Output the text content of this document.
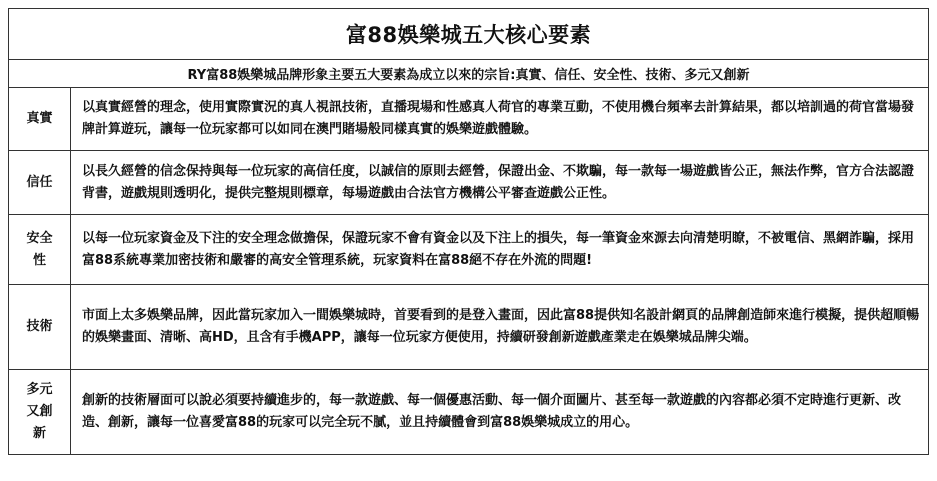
富88娛樂城五大核心要素	
RY富88娛樂城品牌形象主要五大要素為成立以來的宗旨:真實、信任、安全性、技術、多元又創新	
真實	以真實經營的理念，使用實際實況的真人視訊技術，直播現場和性感真人荷官的專業互動，不使用機台頻率去計算結果，都以培訓過的荷官當場發牌計算遊玩，讓每一位玩家都可以如同在澳門賭場般同樣真實的娛樂遊戲體驗。
信任	以長久經營的信念保持與每一位玩家的高信任度，以誠信的原則去經營，保證出金、不欺騙，每一款每一場遊戲皆公正，無法作弊，官方合法認證背書，遊戲規則透明化，提供完整規則標章，每場遊戲由合法官方機構公平審查遊戲公正性。
安全性	以每一位玩家資金及下注的安全理念做擔保，保證玩家不會有資金以及下注上的損失，每一筆資金來源去向清楚明瞭，不被電信、黑網詐騙，採用富88系統專業加密技術和嚴審的高安全管理系統，玩家資料在富88絕不存在外流的問題!
技術	市面上太多娛樂品牌，因此當玩家加入一間娛樂城時，首要看到的是登入畫面，因此富88提供知名設計網頁的品牌創造師來進行模擬，提供超順暢的娛樂畫面、清晰、高HD，且含有手機APP，讓每一位玩家方便使用，持續研發創新遊戲產業走在娛樂城品牌尖端。
多元又創新	創新的技術層面可以說必須要持續進步的，每一款遊戲、每一個優惠活動、每一個介面圖片、甚至每一款遊戲的內容都必須不定時進行更新、改造、創新，讓每一位喜愛富88的玩家可以完全玩不膩，並且持續體會到富88娛樂城成立的用心。
